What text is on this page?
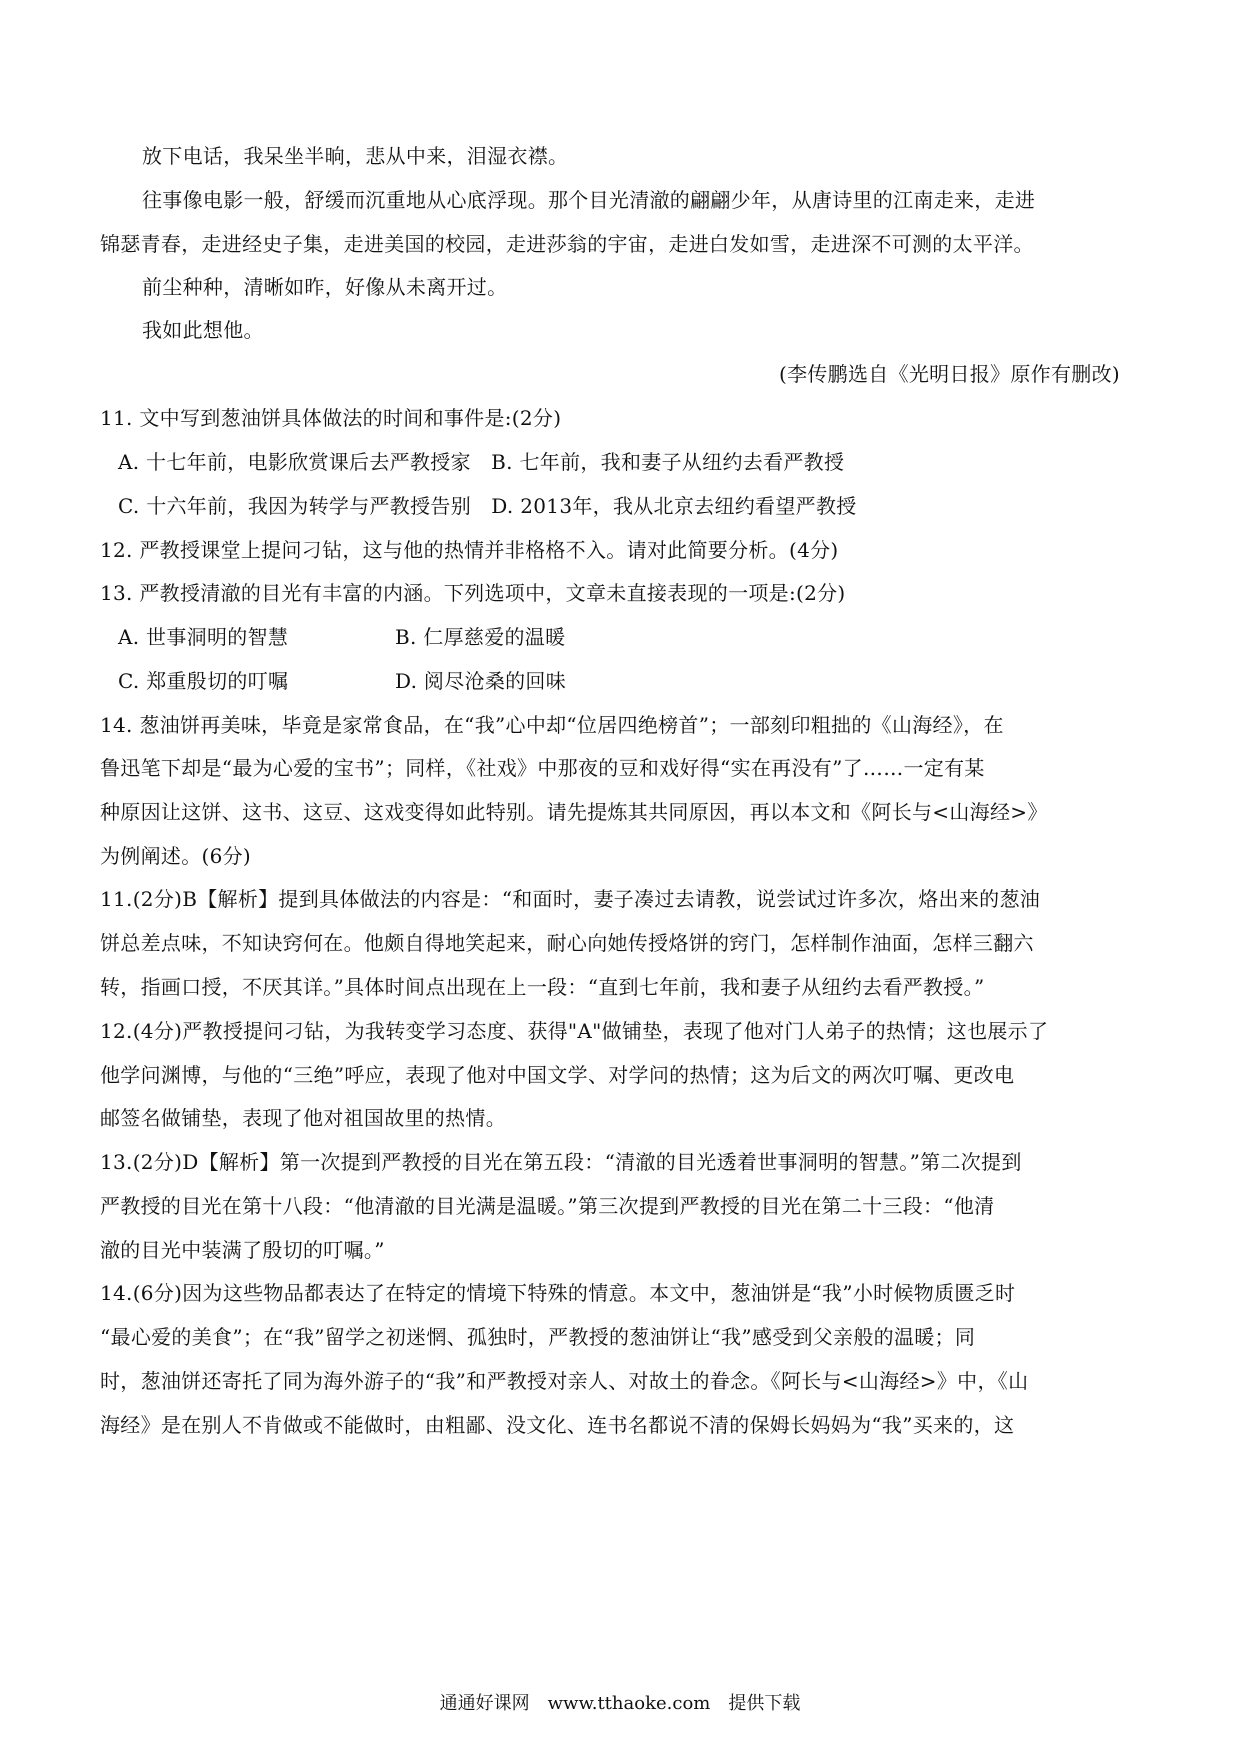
放下电话，我呆坐半晌，悲从中来，泪湿衣襟。
往事像电影一般，舒缓而沉重地从心底浮现。那个目光清澈的翩翩少年，从唐诗里的江南走来，走进
锦瑟青春，走进经史子集，走进美国的校园，走进莎翁的宇宙，走进白发如雪，走进深不可测的太平洋。
前尘种种，清晰如昨，好像从未离开过。
我如此想他。
(李传鹏选自《光明日报》原作有删改)
11. 文中写到葱油饼具体做法的时间和事件是:(2分)
A. 十七年前，电影欣赏课后去严教授家　B. 七年前，我和妻子从纽约去看严教授
C. 十六年前，我因为转学与严教授告别　D. 2013年，我从北京去纽约看望严教授
12. 严教授课堂上提问刁钻，这与他的热情并非格格不入。请对此简要分析。(4分)
13. 严教授清澈的目光有丰富的内涵。下列选项中，文章未直接表现的一项是:(2分)
A. 世事洞明的智慧	B. 仁厚慈爱的温暖
C. 郑重殷切的叮嘱	D. 阅尽沧桑的回味
14. 葱油饼再美味，毕竟是家常食品，在“我”心中却“位居四绝榜首”；一部刻印粗拙的《山海经》，在
鲁迅笔下却是“最为心爱的宝书”；同样，《社戏》中那夜的豆和戏好得“实在再没有”了……一定有某
种原因让这饼、这书、这豆、这戏变得如此特别。请先提炼其共同原因，再以本文和《阿长与<山海经>》
为例阐述。(6分)
11.(2分)B【解析】提到具体做法的内容是：“和面时，妻子凑过去请教，说尝试过许多次，烙出来的葱油
饼总差点味，不知诀窍何在。他颇自得地笑起来，耐心向她传授烙饼的窍门，怎样制作油面，怎样三翻六
转，指画口授，不厌其详。”具体时间点出现在上一段：“直到七年前，我和妻子从纽约去看严教授。”
12.(4分)严教授提问刁钻，为我转变学习态度、获得"A"做铺垫，表现了他对门人弟子的热情；这也展示了
他学问渊博，与他的“三绝”呼应，表现了他对中国文学、对学问的热情；这为后文的两次叮嘱、更改电
邮签名做铺垫，表现了他对祖国故里的热情。
13.(2分)D【解析】第一次提到严教授的目光在第五段：“清澈的目光透着世事洞明的智慧。”第二次提到
严教授的目光在第十八段：“他清澈的目光满是温暖。”第三次提到严教授的目光在第二十三段：“他清
澈的目光中装满了殷切的叮嘱。”
14.(6分)因为这些物品都表达了在特定的情境下特殊的情意。本文中，葱油饼是“我”小时候物质匮乏时
“最心爱的美食”；在“我”留学之初迷惘、孤独时，严教授的葱油饼让“我”感受到父亲般的温暖；同
时，葱油饼还寄托了同为海外游子的“我”和严教授对亲人、对故土的眷念。《阿长与<山海经>》中，《山
海经》是在别人不肯做或不能做时，由粗鄙、没文化、连书名都说不清的保姆长妈妈为“我”买来的，这
通通好课网　www.tthaoke.com　提供下载
